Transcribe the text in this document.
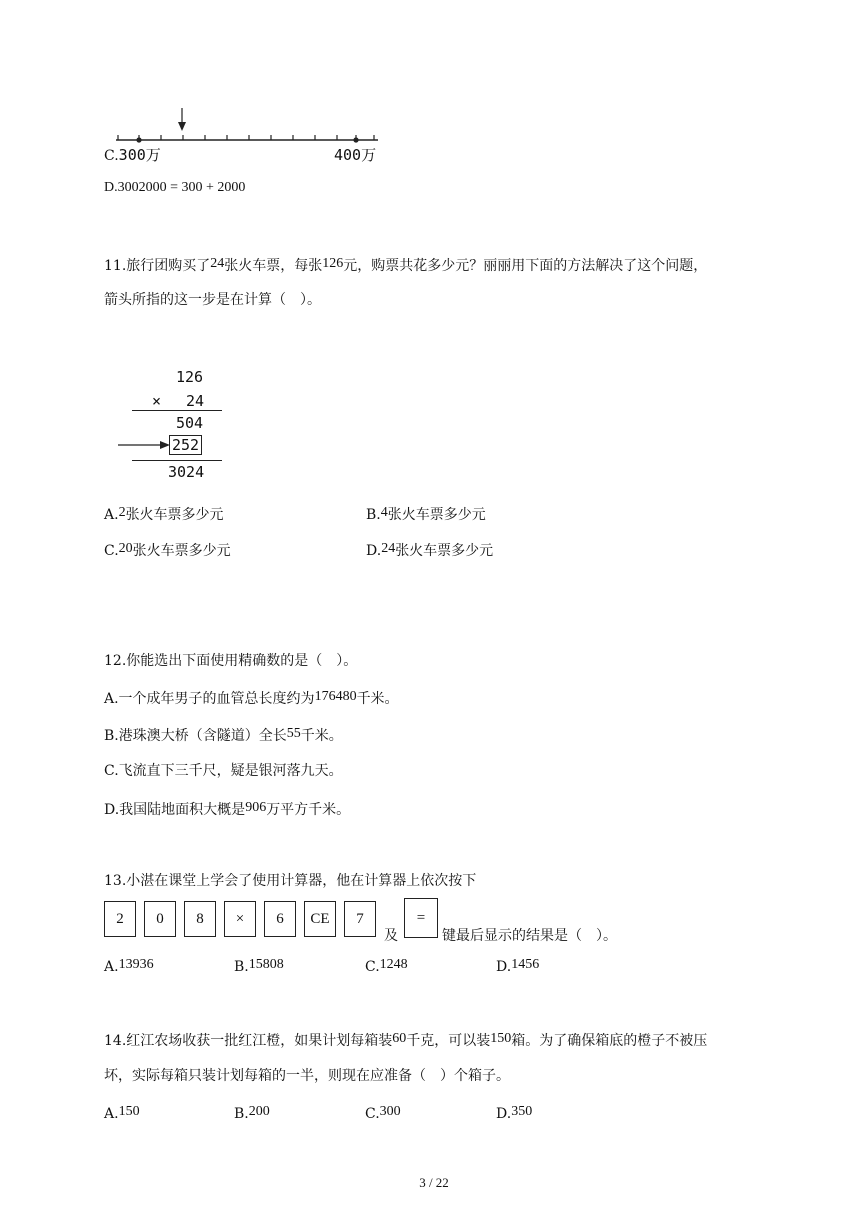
C.300万	400万
D.3002000 = 300 + 2000
11.旅行团购买了24张火车票，每张126元，购票共花多少元？丽丽用下面的方法解决了这个问题，
箭头所指的这一步是在计算（　）。
126
× 24
504
252
3024
A.2张火车票多少元	B.4张火车票多少元
C.20张火车票多少元	D.24张火车票多少元
12.你能选出下面使用精确数的是（　）。
A.一个成年男子的血管总长度约为176480千米。
B.港珠澳大桥（含隧道）全长55千米。
C.飞流直下三千尺，疑是银河落九天。
D.我国陆地面积大概是906万平方千米。
13.小湛在课堂上学会了使用计算器，他在计算器上依次按下
2	0	8	×	6	CE	7
及
=
键最后显示的结果是（　）。
A.13936	B.15808	C.1248	D.1456
14.红江农场收获一批红江橙，如果计划每箱装60千克，可以装150箱。为了确保箱底的橙子不被压
坏，实际每箱只装计划每箱的一半，则现在应准备（　）个箱子。
A.150	B.200	C.300	D.350
3 / 22
